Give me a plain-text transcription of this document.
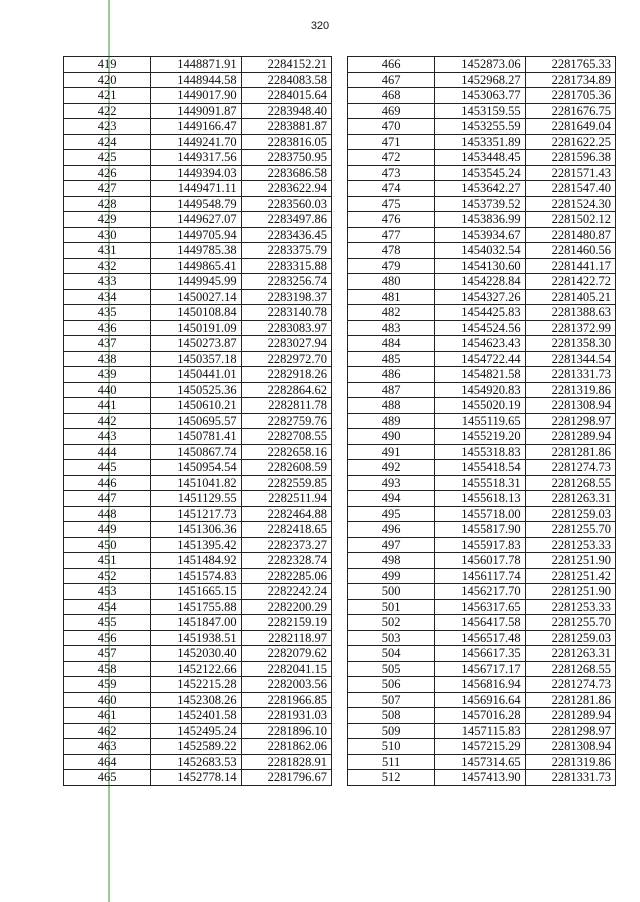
320
419	1448871.91	2284152.21
420	1448944.58	2284083.58
421	1449017.90	2284015.64
422	1449091.87	2283948.40
423	1449166.47	2283881.87
424	1449241.70	2283816.05
425	1449317.56	2283750.95
426	1449394.03	2283686.58
427	1449471.11	2283622.94
428	1449548.79	2283560.03
429	1449627.07	2283497.86
430	1449705.94	2283436.45
431	1449785.38	2283375.79
432	1449865.41	2283315.88
433	1449945.99	2283256.74
434	1450027.14	2283198.37
435	1450108.84	2283140.78
436	1450191.09	2283083.97
437	1450273.87	2283027.94
438	1450357.18	2282972.70
439	1450441.01	2282918.26
440	1450525.36	2282864.62
441	1450610.21	2282811.78
442	1450695.57	2282759.76
443	1450781.41	2282708.55
444	1450867.74	2282658.16
445	1450954.54	2282608.59
446	1451041.82	2282559.85
447	1451129.55	2282511.94
448	1451217.73	2282464.88
449	1451306.36	2282418.65
450	1451395.42	2282373.27
451	1451484.92	2282328.74
452	1451574.83	2282285.06
453	1451665.15	2282242.24
454	1451755.88	2282200.29
455	1451847.00	2282159.19
456	1451938.51	2282118.97
457	1452030.40	2282079.62
458	1452122.66	2282041.15
459	1452215.28	2282003.56
460	1452308.26	2281966.85
461	1452401.58	2281931.03
462	1452495.24	2281896.10
463	1452589.22	2281862.06
464	1452683.53	2281828.91
465	1452778.14	2281796.67
466	1452873.06	2281765.33
467	1452968.27	2281734.89
468	1453063.77	2281705.36
469	1453159.55	2281676.75
470	1453255.59	2281649.04
471	1453351.89	2281622.25
472	1453448.45	2281596.38
473	1453545.24	2281571.43
474	1453642.27	2281547.40
475	1453739.52	2281524.30
476	1453836.99	2281502.12
477	1453934.67	2281480.87
478	1454032.54	2281460.56
479	1454130.60	2281441.17
480	1454228.84	2281422.72
481	1454327.26	2281405.21
482	1454425.83	2281388.63
483	1454524.56	2281372.99
484	1454623.43	2281358.30
485	1454722.44	2281344.54
486	1454821.58	2281331.73
487	1454920.83	2281319.86
488	1455020.19	2281308.94
489	1455119.65	2281298.97
490	1455219.20	2281289.94
491	1455318.83	2281281.86
492	1455418.54	2281274.73
493	1455518.31	2281268.55
494	1455618.13	2281263.31
495	1455718.00	2281259.03
496	1455817.90	2281255.70
497	1455917.83	2281253.33
498	1456017.78	2281251.90
499	1456117.74	2281251.42
500	1456217.70	2281251.90
501	1456317.65	2281253.33
502	1456417.58	2281255.70
503	1456517.48	2281259.03
504	1456617.35	2281263.31
505	1456717.17	2281268.55
506	1456816.94	2281274.73
507	1456916.64	2281281.86
508	1457016.28	2281289.94
509	1457115.83	2281298.97
510	1457215.29	2281308.94
511	1457314.65	2281319.86
512	1457413.90	2281331.73
